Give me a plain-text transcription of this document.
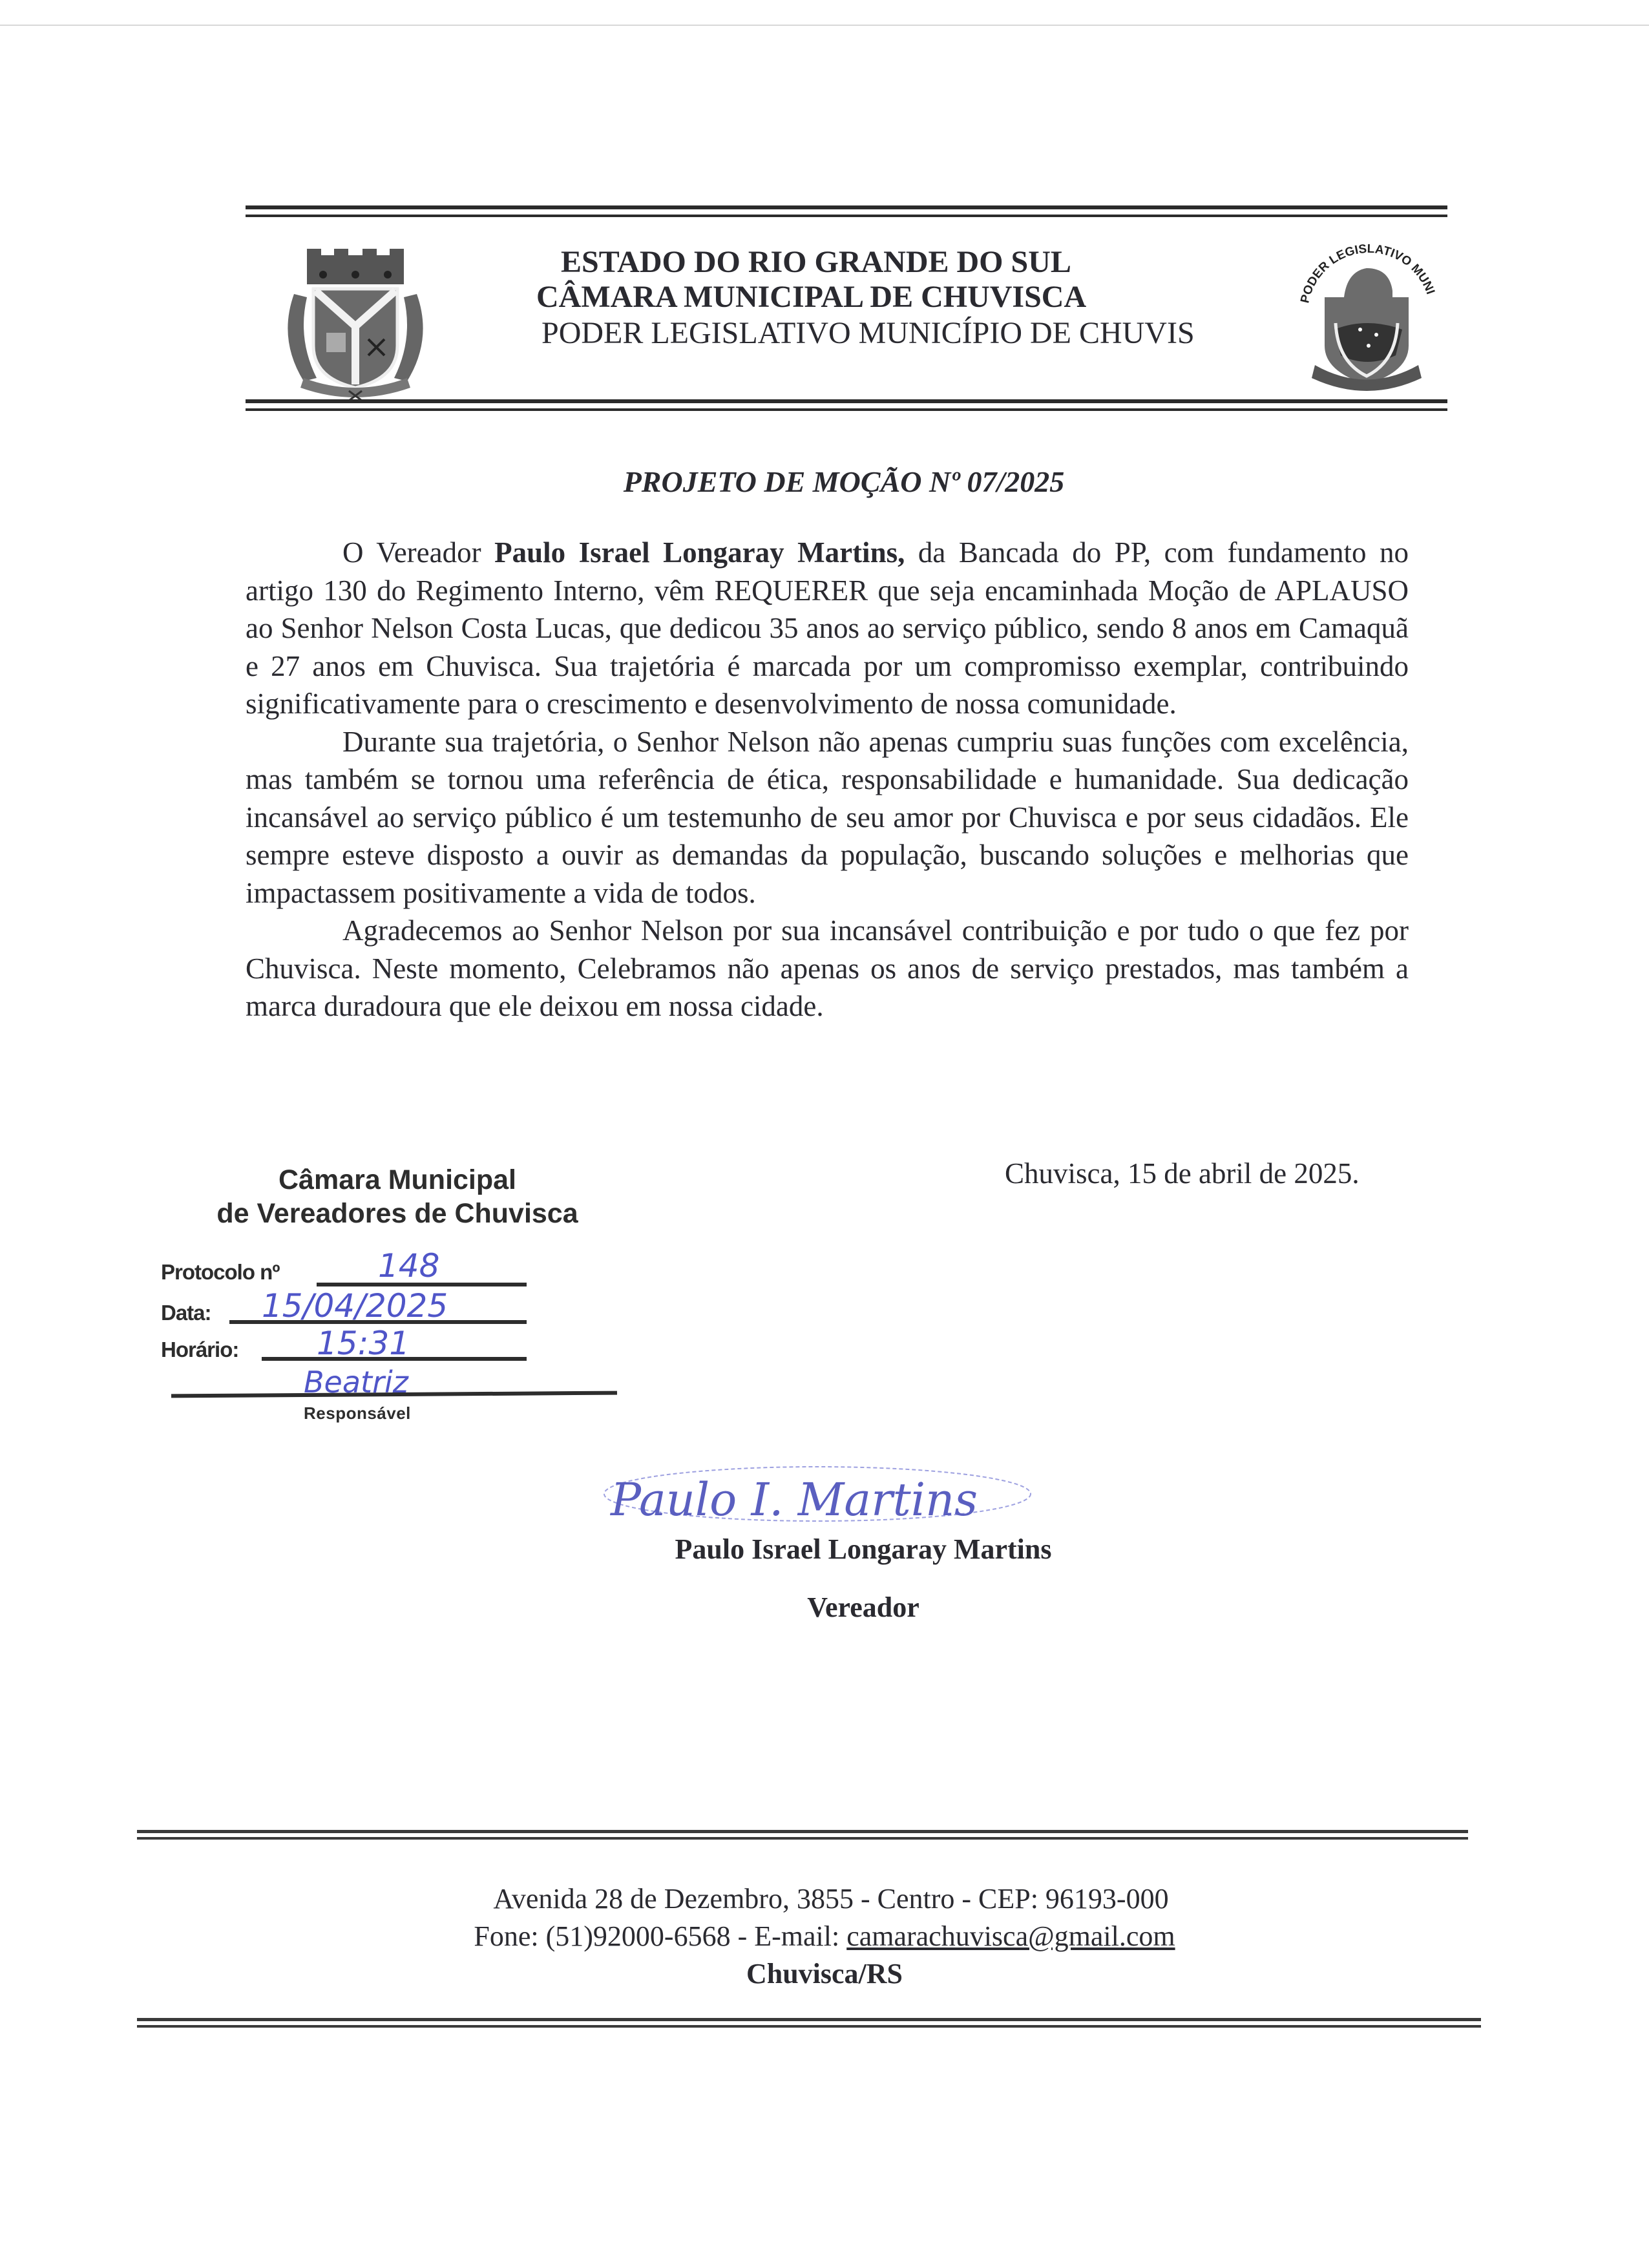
ESTADO DO RIO GRANDE DO SUL
CÂMARA MUNICIPAL DE CHUVISCA
PODER LEGISLATIVO MUNICÍPIO DE CHUVIS
PODER LEGISLATIVO MUNI
PROJETO DE MOÇÃO Nº 07/2025

O Vereador Paulo Israel Longaray Martins, da Bancada do PP, com fundamento no artigo 130 do Regimento Interno, vêm REQUERER que seja encaminhada Moção de APLAUSO ao Senhor Nelson Costa Lucas, que dedicou 35 anos ao serviço público, sendo 8 anos em Camaquã e 27 anos em Chuvisca. Sua trajetória é marcada por um compromisso exemplar, contribuindo significativamente para o crescimento e desenvolvimento de nossa comunidade.

Durante sua trajetória, o Senhor Nelson não apenas cumpriu suas funções com excelência, mas também se tornou uma referência de ética, responsabilidade e humanidade. Sua dedicação incansável ao serviço público é um testemunho de seu amor por Chuvisca e por seus cidadãos. Ele sempre esteve disposto a ouvir as demandas da população, buscando soluções e melhorias que impactassem positivamente a vida de todos.

Agradecemos ao Senhor Nelson por sua incansável contribuição e por tudo o que fez por Chuvisca. Neste momento, Celebramos não apenas os anos de serviço prestados, mas também a marca duradoura que ele deixou em nossa cidade.

Chuvisca, 15 de abril de 2025.
Câmara Municipal
de Vereadores de Chuvisca
Protocolo nº	148
Data: 15/04/2025
Horário: 15:31
Beatriz
Responsável
Paulo I. Martins
Paulo Israel Longaray Martins
Vereador
Avenida 28 de Dezembro, 3855 - Centro - CEP: 96193-000
Fone: (51)92000-6568 - E-mail: camarachuvisca@gmail.com
Chuvisca/RS
